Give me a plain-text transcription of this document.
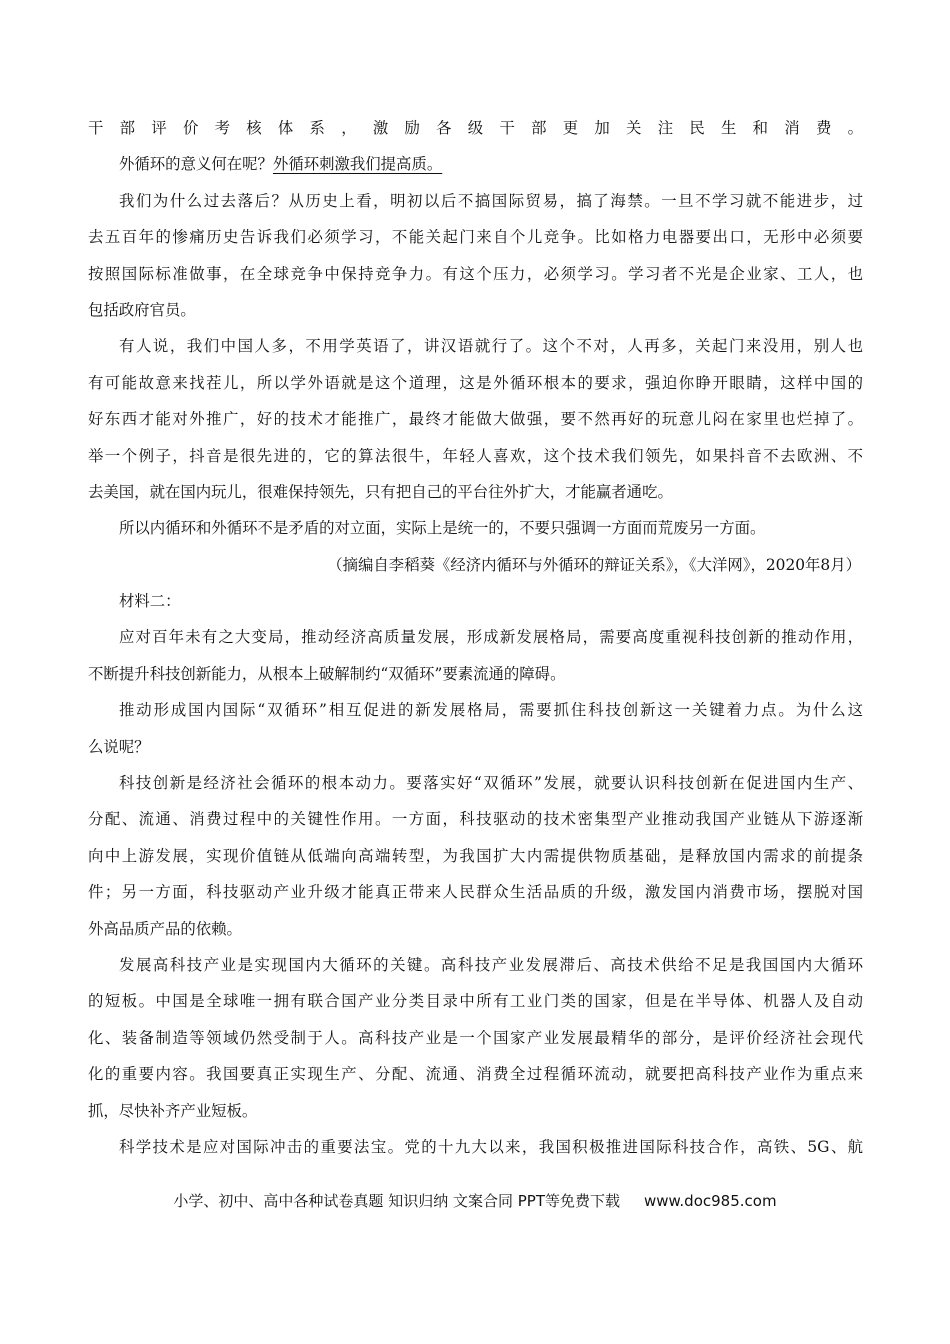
干部评价考核体系，激励各级干部更加关注民生和消费。
外循环的意义何在呢？外循环刺激我们提高质。
我们为什么过去落后？从历史上看，明初以后不搞国际贸易，搞了海禁。一旦不学习就不能进步，过
去五百年的惨痛历史告诉我们必须学习，不能关起门来自个儿竞争。比如格力电器要出口，无形中必须要
按照国际标准做事，在全球竞争中保持竞争力。有这个压力，必须学习。学习者不光是企业家、工人，也
包括政府官员。
有人说，我们中国人多，不用学英语了，讲汉语就行了。这个不对，人再多，关起门来没用，别人也
有可能故意来找茬儿，所以学外语就是这个道理，这是外循环根本的要求，强迫你睁开眼睛，这样中国的
好东西才能对外推广，好的技术才能推广，最终才能做大做强，要不然再好的玩意儿闷在家里也烂掉了。
举一个例子，抖音是很先进的，它的算法很牛，年轻人喜欢，这个技术我们领先，如果抖音不去欧洲、不
去美国，就在国内玩儿，很难保持领先，只有把自己的平台往外扩大，才能赢者通吃。
所以内循环和外循环不是矛盾的对立面，实际上是统一的，不要只强调一方面而荒废另一方面。
（摘编自李稻葵《经济内循环与外循环的辩证关系》，《大洋网》，2020年8月）
材料二：
应对百年未有之大变局，推动经济高质量发展，形成新发展格局，需要高度重视科技创新的推动作用，
不断提升科技创新能力，从根本上破解制约“双循环”要素流通的障碍。
推动形成国内国际“双循环”相互促进的新发展格局，需要抓住科技创新这一关键着力点。为什么这
么说呢？
科技创新是经济社会循环的根本动力。要落实好“双循环”发展，就要认识科技创新在促进国内生产、
分配、流通、消费过程中的关键性作用。一方面，科技驱动的技术密集型产业推动我国产业链从下游逐渐
向中上游发展，实现价值链从低端向高端转型，为我国扩大内需提供物质基础，是释放国内需求的前提条
件；另一方面，科技驱动产业升级才能真正带来人民群众生活品质的升级，激发国内消费市场，摆脱对国
外高品质产品的依赖。
发展高科技产业是实现国内大循环的关键。高科技产业发展滞后、高技术供给不足是我国国内大循环
的短板。中国是全球唯一拥有联合国产业分类目录中所有工业门类的国家，但是在半导体、机器人及自动
化、装备制造等领域仍然受制于人。高科技产业是一个国家产业发展最精华的部分，是评价经济社会现代
化的重要内容。我国要真正实现生产、分配、流通、消费全过程循环流动，就要把高科技产业作为重点来
抓，尽快补齐产业短板。
科学技术是应对国际冲击的重要法宝。党的十九大以来，我国积极推进国际科技合作，高铁、5G、航
小学、初中、高中各种试卷真题 知识归纳 文案合同 PPT等免费下载 www.doc985.com
